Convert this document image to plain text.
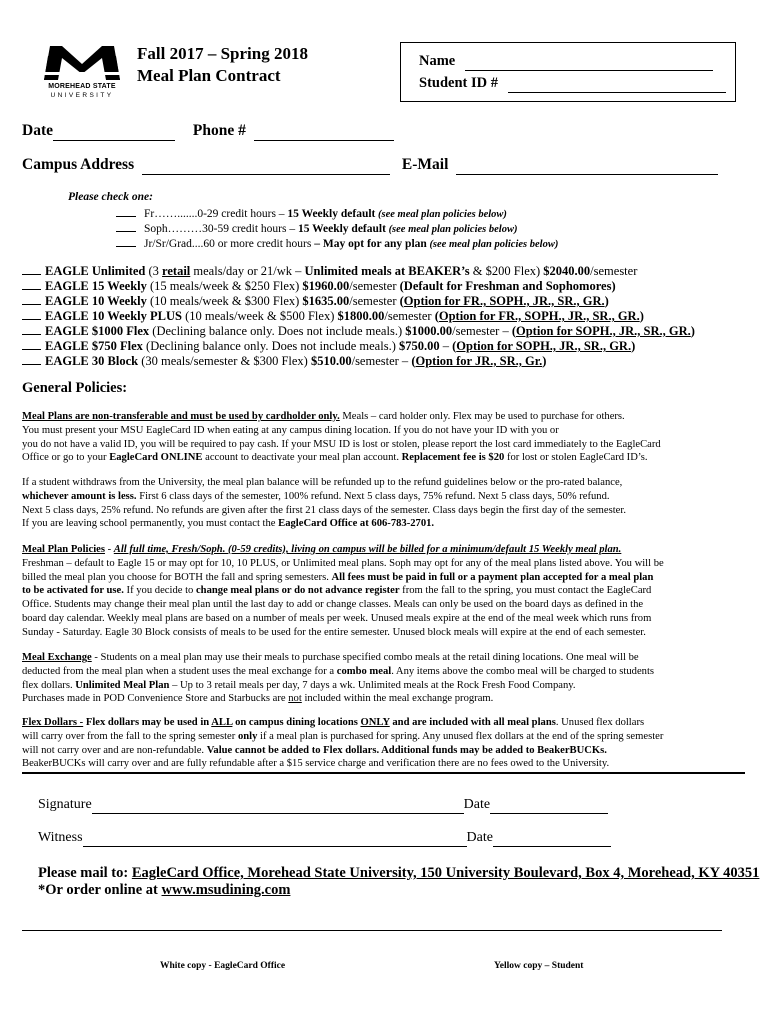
MOREHEAD STATE
UNIVERSITY
Fall 2017 – Spring 2018
Meal Plan Contract
Name
Student ID #
Date	Phone #
Campus Address	E-Mail
Please check one:
Fr…….......0-29 credit hours – 15 Weekly default (see meal plan policies below)
Soph………30-59 credit hours – 15 Weekly default (see meal plan policies below)
Jr/Sr/Grad....60 or more credit hours – May opt for any plan (see meal plan policies below)
EAGLE Unlimited (3 retail meals/day or 21/wk – Unlimited meals at BEAKER’s & $200 Flex) $2040.00/semester
EAGLE 15 Weekly (15 meals/week & $250 Flex) $1960.00/semester (Default for Freshman and Sophomores)
EAGLE 10 Weekly (10 meals/week & $300 Flex) $1635.00/semester (Option for FR., SOPH., JR., SR., GR.)
EAGLE 10 Weekly PLUS (10 meals/week & $500 Flex) $1800.00/semester (Option for FR., SOPH., JR., SR., GR.)
EAGLE $1000 Flex (Declining balance only. Does not include meals.) $1000.00/semester – (Option for SOPH., JR., SR., GR.)
EAGLE $750 Flex (Declining balance only. Does not include meals.) $750.00 – (Option for SOPH., JR., SR., GR.)
EAGLE 30 Block (30 meals/semester & $300 Flex) $510.00/semester – (Option for JR., SR., Gr.)
General Policies:
Meal Plans are non-transferable and must be used by cardholder only. Meals – card holder only. Flex may be used to purchase for others.
You must present your MSU EagleCard ID when eating at any campus dining location. If you do not have your ID with you or
you do not have a valid ID, you will be required to pay cash. If your MSU ID is lost or stolen, please report the lost card immediately to the EagleCard
Office or go to your EagleCard ONLINE account to deactivate your meal plan account. Replacement fee is $20 for lost or stolen EagleCard ID’s.
If a student withdraws from the University, the meal plan balance will be refunded up to the refund guidelines below or the pro-rated balance,
whichever amount is less. First 6 class days of the semester, 100% refund. Next 5 class days, 75% refund. Next 5 class days, 50% refund.
Next 5 class days, 25% refund. No refunds are given after the first 21 class days of the semester. Class days begin the first day of the semester.
If you are leaving school permanently, you must contact the EagleCard Office at 606-783-2701.
Meal Plan Policies - All full time, Fresh/Soph. (0-59 credits), living on campus will be billed for a minimum/default 15 Weekly meal plan.
Freshman – default to Eagle 15 or may opt for 10, 10 PLUS, or Unlimited meal plans. Soph may opt for any of the meal plans listed above. You will be
billed the meal plan you choose for BOTH the fall and spring semesters. All fees must be paid in full or a payment plan accepted for a meal plan
to be activated for use. If you decide to change meal plans or do not advance register from the fall to the spring, you must contact the EagleCard
Office. Students may change their meal plan until the last day to add or change classes. Meals can only be used on the board days as defined in the
board day calendar. Weekly meal plans are based on a number of meals per week. Unused meals expire at the end of the meal week which runs from
Sunday - Saturday. Eagle 30 Block consists of meals to be used for the entire semester. Unused block meals will expire at the end of each semester.
Meal Exchange - Students on a meal plan may use their meals to purchase specified combo meals at the retail dining locations. One meal will be
deducted from the meal plan when a student uses the meal exchange for a combo meal. Any items above the combo meal will be charged to students
flex dollars. Unlimited Meal Plan – Up to 3 retail meals per day, 7 days a wk. Unlimited meals at the Rock Fresh Food Company.
Purchases made in POD Convenience Store and Starbucks are not included within the meal exchange program.
Flex Dollars - Flex dollars may be used in ALL on campus dining locations ONLY and are included with all meal plans. Unused flex dollars
will carry over from the fall to the spring semester only if a meal plan is purchased for spring. Any unused flex dollars at the end of the spring semester
will not carry over and are non-refundable. Value cannot be added to Flex dollars. Additional funds may be added to BeakerBUCKs.
BeakerBUCKs will carry over and are fully refundable after a $15 service charge and verification there are no fees owed to the University.
Signature	Date
Witness	Date
Please mail to: EagleCard Office, Morehead State University, 150 University Boulevard, Box 4, Morehead, KY 40351
*Or order online at www.msudining.com
White copy - EagleCard Office	Yellow copy – Student
